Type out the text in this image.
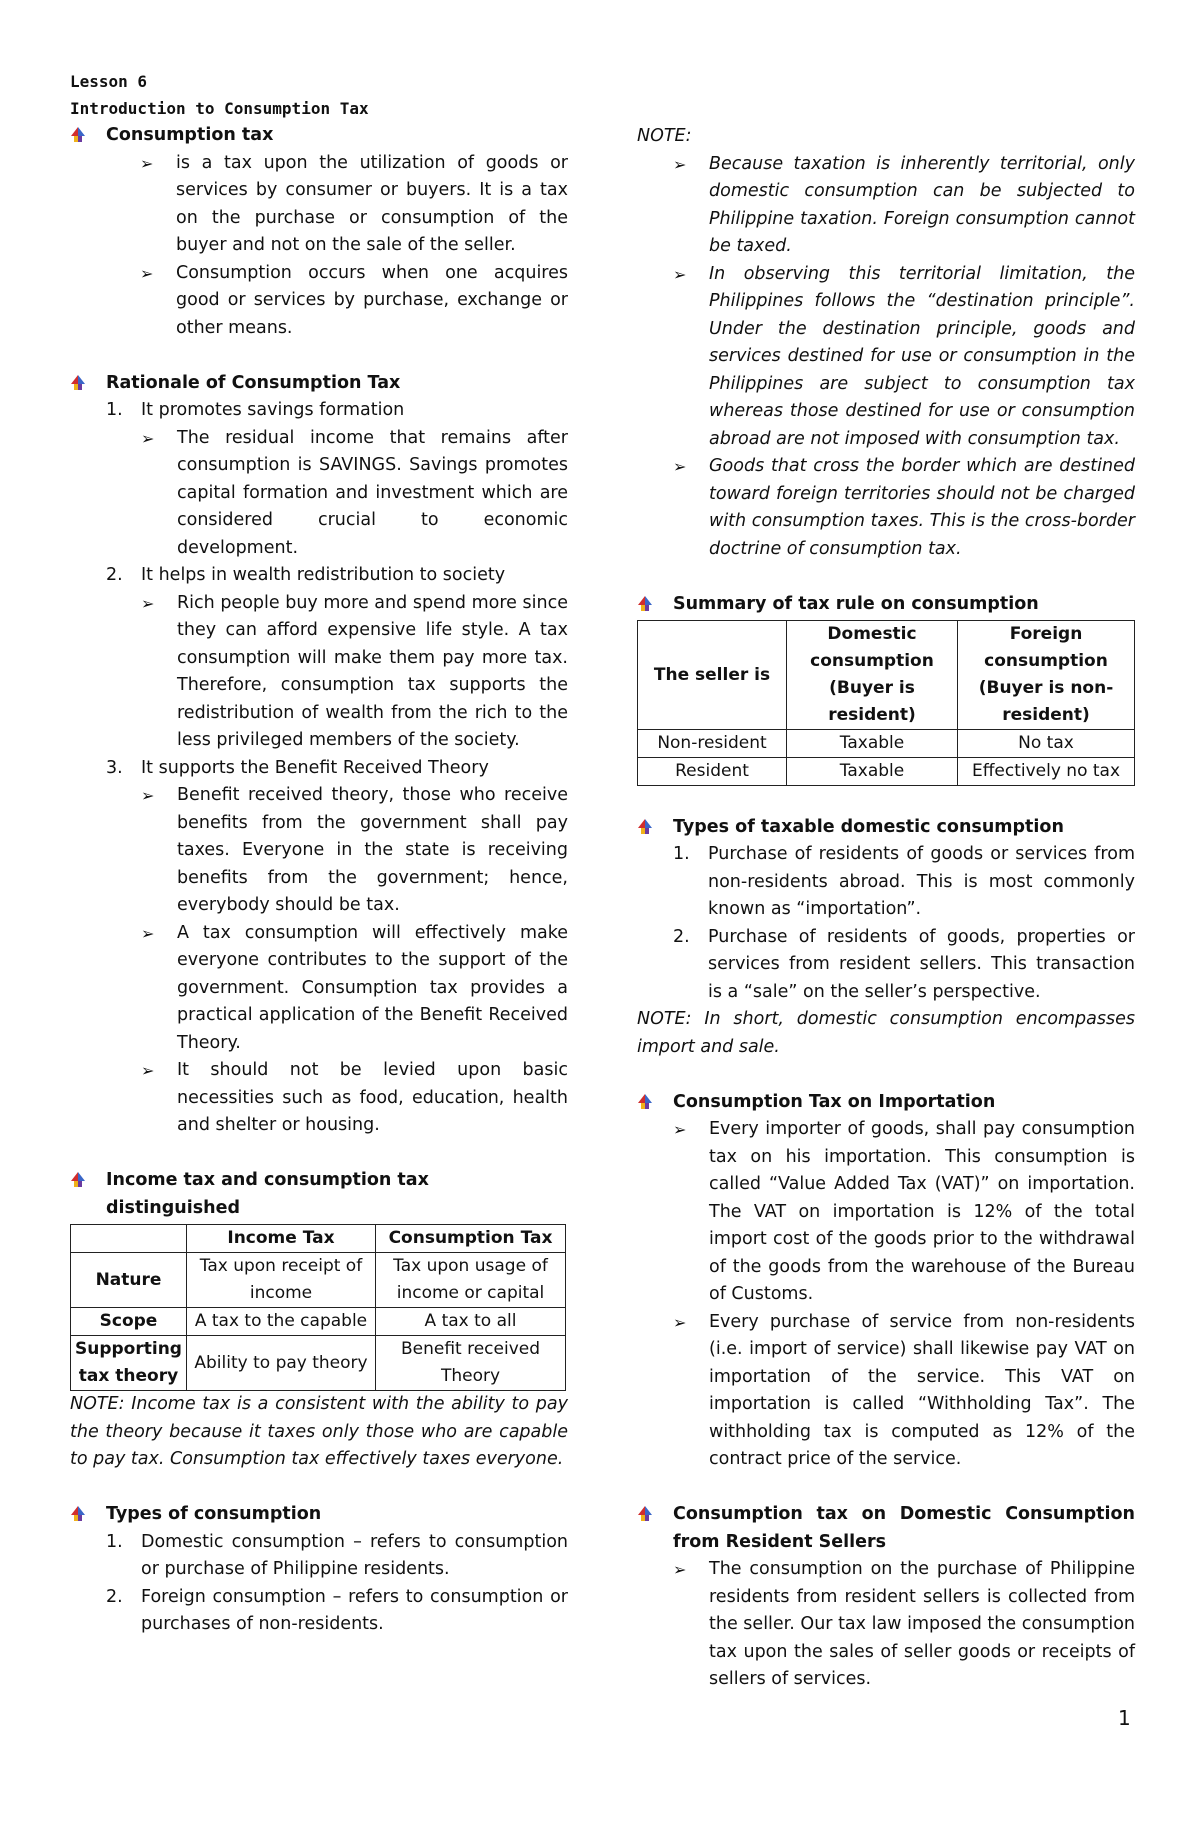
Lesson 6
Introduction to Consumption Tax
Consumption tax
➢ is a tax upon the utilization of goods or services by consumer or buyers. It is a tax on the purchase or consumption of the buyer and not on the sale of the seller.
➢ Consumption occurs when one acquires good or services by purchase, exchange or other means.
Rationale of Consumption Tax
1. It promotes savings formation
➢ The residual income that remains after consumption is SAVINGS. Savings promotes capital formation and investment which are considered crucial to economic development.
2. It helps in wealth redistribution to society
➢ Rich people buy more and spend more since they can afford expensive life style. A tax consumption will make them pay more tax. Therefore, consumption tax supports the redistribution of wealth from the rich to the less privileged members of the society.
3. It supports the Benefit Received Theory
➢ Benefit received theory, those who receive benefits from the government shall pay taxes. Everyone in the state is receiving benefits from the government; hence, everybody should be tax.
➢ A tax consumption will effectively make everyone contributes to the support of the government. Consumption tax provides a practical application of the Benefit Received Theory.
➢ It should not be levied upon basic necessities such as food, education, health and shelter or housing.
Income tax and consumption tax distinguished
	Income Tax	Consumption Tax
Nature	Tax upon receipt of income	Tax upon usage of income or capital
Scope	A tax to the capable	A tax to all
Supporting tax theory	Ability to pay theory	Benefit received Theory
NOTE: Income tax is a consistent with the ability to pay the theory because it taxes only those who are capable to pay tax. Consumption tax effectively taxes everyone.
Types of consumption
1. Domestic consumption – refers to consumption or purchase of Philippine residents.
2. Foreign consumption – refers to consumption or purchases of non-residents.
NOTE:
➢ Because taxation is inherently territorial, only domestic consumption can be subjected to Philippine taxation. Foreign consumption cannot be taxed.
➢ In observing this territorial limitation, the Philippines follows the “destination principle”. Under the destination principle, goods and services destined for use or consumption in the Philippines are subject to consumption tax whereas those destined for use or consumption abroad are not imposed with consumption tax.
➢ Goods that cross the border which are destined toward foreign territories should not be charged with consumption taxes. This is the cross-border doctrine of consumption tax.
Summary of tax rule on consumption
The seller is	Domestic consumption (Buyer is resident)	Foreign consumption (Buyer is non-resident)
Non-resident	Taxable	No tax
Resident	Taxable	Effectively no tax
Types of taxable domestic consumption
1. Purchase of residents of goods or services from non-residents abroad. This is most commonly known as “importation”.
2. Purchase of residents of goods, properties or services from resident sellers. This transaction is a “sale” on the seller’s perspective.
NOTE: In short, domestic consumption encompasses import and sale.
Consumption Tax on Importation
➢ Every importer of goods, shall pay consumption tax on his importation. This consumption is called “Value Added Tax (VAT)” on importation. The VAT on importation is 12% of the total import cost of the goods prior to the withdrawal of the goods from the warehouse of the Bureau of Customs.
➢ Every purchase of service from non-residents (i.e. import of service) shall likewise pay VAT on importation of the service. This VAT on importation is called “Withholding Tax”. The withholding tax is computed as 12% of the contract price of the service.
Consumption tax on Domestic Consumption from Resident Sellers
➢ The consumption on the purchase of Philippine residents from resident sellers is collected from the seller. Our tax law imposed the consumption tax upon the sales of seller goods or receipts of sellers of services.
1
